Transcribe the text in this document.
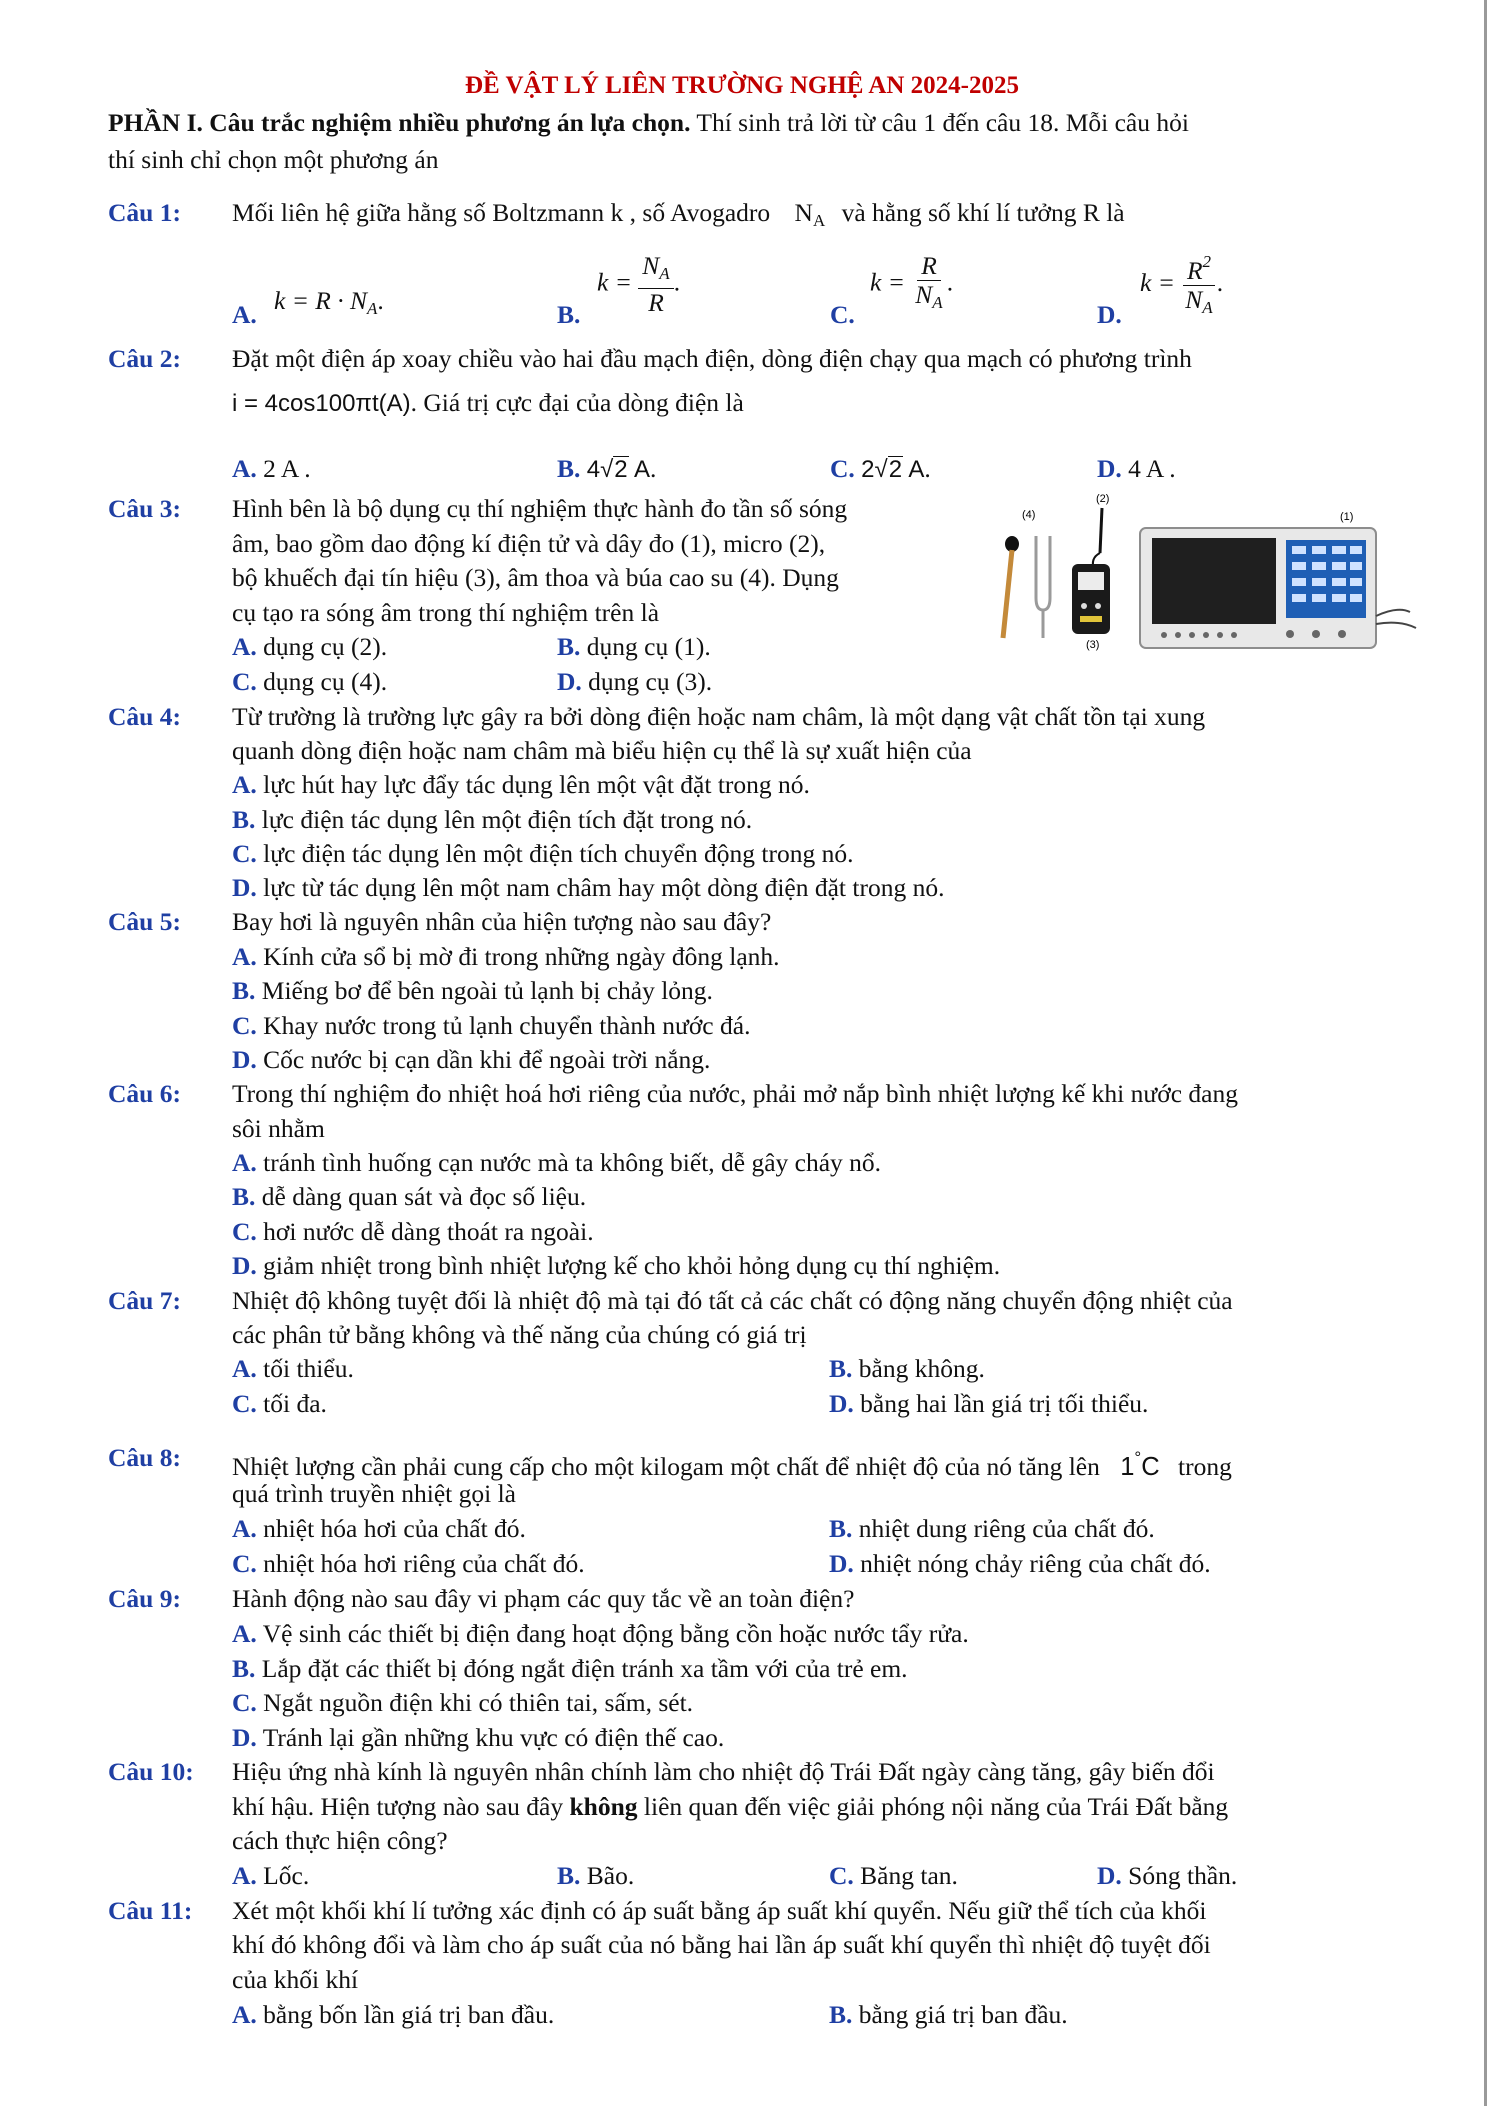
ĐỀ VẬT LÝ LIÊN TRƯỜNG NGHỆ AN 2024-2025
PHẦN I. Câu trắc nghiệm nhiều phương án lựa chọn. Thí sinh trả lời từ câu 1 đến câu 18. Mỗi câu hỏi
thí sinh chỉ chọn một phương án
Câu 1: Mối liên hệ giữa hằng số Boltzmann k , số Avogadro $N_A$ và hằng số khí lí tưởng R là
A. $k = R \cdot N_A$.	B.
$k = \frac{N_A}{R}$ .
C.
$k = \frac{R}{N_A}$ .
D.
$k = \frac{R^2}{N_A}$ .
Câu 2: Đặt một điện áp xoay chiều vào hai đầu mạch điện, dòng điện chạy qua mạch có phương trình
i = 4cos100πt(A). Giá trị cực đại của dòng điện là
A. 2 A .	B. 4√2 A.	C. 2√2 A.	D. 4 A .
Câu 3: Hình bên là bộ dụng cụ thí nghiệm thực hành đo tần số sóng
âm, bao gồm dao động kí điện tử và dây đo (1), micro (2),
bộ khuếch đại tín hiệu (3), âm thoa và búa cao su (4). Dụng
cụ tạo ra sóng âm trong thí nghiệm trên là
A. dụng cụ (2).	B. dụng cụ (1).
C. dụng cụ (4).	D. dụng cụ (3).
(4)
(2)
(1)
(3)
Câu 4: Từ trường là trường lực gây ra bởi dòng điện hoặc nam châm, là một dạng vật chất tồn tại xung
quanh dòng điện hoặc nam châm mà biểu hiện cụ thể là sự xuất hiện của
A. lực hút hay lực đẩy tác dụng lên một vật đặt trong nó.
B. lực điện tác dụng lên một điện tích đặt trong nó.
C. lực điện tác dụng lên một điện tích chuyển động trong nó.
D. lực từ tác dụng lên một nam châm hay một dòng điện đặt trong nó.
Câu 5: Bay hơi là nguyên nhân của hiện tượng nào sau đây?
A. Kính cửa sổ bị mờ đi trong những ngày đông lạnh.
B. Miếng bơ để bên ngoài tủ lạnh bị chảy lỏng.
C. Khay nước trong tủ lạnh chuyển thành nước đá.
D. Cốc nước bị cạn dần khi để ngoài trời nắng.
Câu 6: Trong thí nghiệm đo nhiệt hoá hơi riêng của nước, phải mở nắp bình nhiệt lượng kế khi nước đang
sôi nhằm
A. tránh tình huống cạn nước mà ta không biết, dễ gây cháy nổ.
B. dễ dàng quan sát và đọc số liệu.
C. hơi nước dễ dàng thoát ra ngoài.
D. giảm nhiệt trong bình nhiệt lượng kế cho khỏi hỏng dụng cụ thí nghiệm.
Câu 7: Nhiệt độ không tuyệt đối là nhiệt độ mà tại đó tất cả các chất có động năng chuyển động nhiệt của
các phân tử bằng không và thế năng của chúng có giá trị
A. tối thiểu.	B. bằng không.
C. tối đa.	D. bằng hai lần giá trị tối thiểu.
Câu 8: Nhiệt lượng cần phải cung cấp cho một kilogam một chất để nhiệt độ của nó tăng lên 1°C trong
quá trình truyền nhiệt gọi là
A. nhiệt hóa hơi của chất đó.	B. nhiệt dung riêng của chất đó.
C. nhiệt hóa hơi riêng của chất đó.	D. nhiệt nóng chảy riêng của chất đó.
Câu 9: Hành động nào sau đây vi phạm các quy tắc về an toàn điện?
A. Vệ sinh các thiết bị điện đang hoạt động bằng cồn hoặc nước tẩy rửa.
B. Lắp đặt các thiết bị đóng ngắt điện tránh xa tầm với của trẻ em.
C. Ngắt nguồn điện khi có thiên tai, sấm, sét.
D. Tránh lại gần những khu vực có điện thế cao.
Câu 10: Hiệu ứng nhà kính là nguyên nhân chính làm cho nhiệt độ Trái Đất ngày càng tăng, gây biến đổi
khí hậu. Hiện tượng nào sau đây không liên quan đến việc giải phóng nội năng của Trái Đất bằng
cách thực hiện công?
A. Lốc.	B. Bão.	C. Băng tan.	D. Sóng thần.
Câu 11: Xét một khối khí lí tưởng xác định có áp suất bằng áp suất khí quyển. Nếu giữ thể tích của khối
khí đó không đổi và làm cho áp suất của nó bằng hai lần áp suất khí quyển thì nhiệt độ tuyệt đối
của khối khí
A. bằng bốn lần giá trị ban đầu.	B. bằng giá trị ban đầu.
